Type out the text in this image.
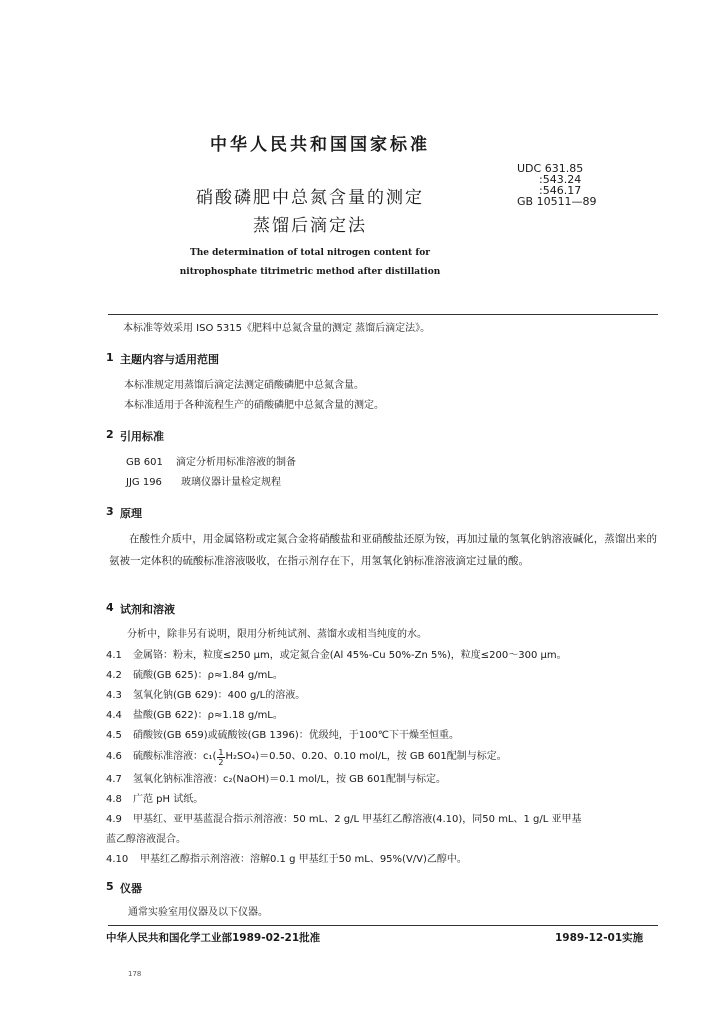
中华人民共和国国家标准
硝酸磷肥中总氮含量的测定
蒸馏后滴定法
UDC 631.85
:543.24
:546.17
GB 10511—89
The determination of total nitrogen content for
nitrophosphate titrimetric method after distillation
本标准等效采用 ISO 5315《肥料中总氮含量的测定 蒸馏后滴定法》。
1 主题内容与适用范围
本标准规定用蒸馏后滴定法测定硝酸磷肥中总氮含量。
本标准适用于各种流程生产的硝酸磷肥中总氮含量的测定。
2 引用标准
GB 601 滴定分析用标准溶液的制备
JJG 196 玻璃仪器计量检定规程
3 原理
在酸性介质中，用金属铬粉或定氮合金将硝酸盐和亚硝酸盐还原为铵，再加过量的氢氧化钠溶液碱化，蒸馏出来的氨被一定体积的硫酸标准溶液吸收，在指示剂存在下，用氢氧化钠标准溶液滴定过量的酸。
4 试剂和溶液
分析中，除非另有说明，限用分析纯试剂、蒸馏水或相当纯度的水。
4.1 金属铬：粉末，粒度≤250 μm，或定氮合金(Al 45%-Cu 50%-Zn 5%)，粒度≤200～300 μm。
4.2 硫酸(GB 625)：ρ≈1.84 g/mL。
4.3 氢氧化钠(GB 629)：400 g/L的溶液。
4.4 盐酸(GB 622)：ρ≈1.18 g/mL。
4.5 硝酸铵(GB 659)或硫酸铵(GB 1396)：优级纯，于100℃下干燥至恒重。
4.6 硫酸标准溶液：$c_1( \frac{1}{2} H_2SO_4)=0.50$、0.20、0.10 mol/L，按 GB 601配制与标定。
4.7 氢氧化钠标准溶液：c₂(NaOH)＝0.1 mol/L，按 GB 601配制与标定。
4.8 广范 pH 试纸。
4.9 甲基红、亚甲基蓝混合指示剂溶液：50 mL、2 g/L 甲基红乙醇溶液(4.10)，同50 mL、1 g/L 亚甲基
蓝乙醇溶液混合。
4.10 甲基红乙醇指示剂溶液：溶解0.1 g 甲基红于50 mL、95%(V/V)乙醇中。
5 仪器
通常实验室用仪器及以下仪器。
中华人民共和国化学工业部1989-02-21批准	1989-12-01实施
178
